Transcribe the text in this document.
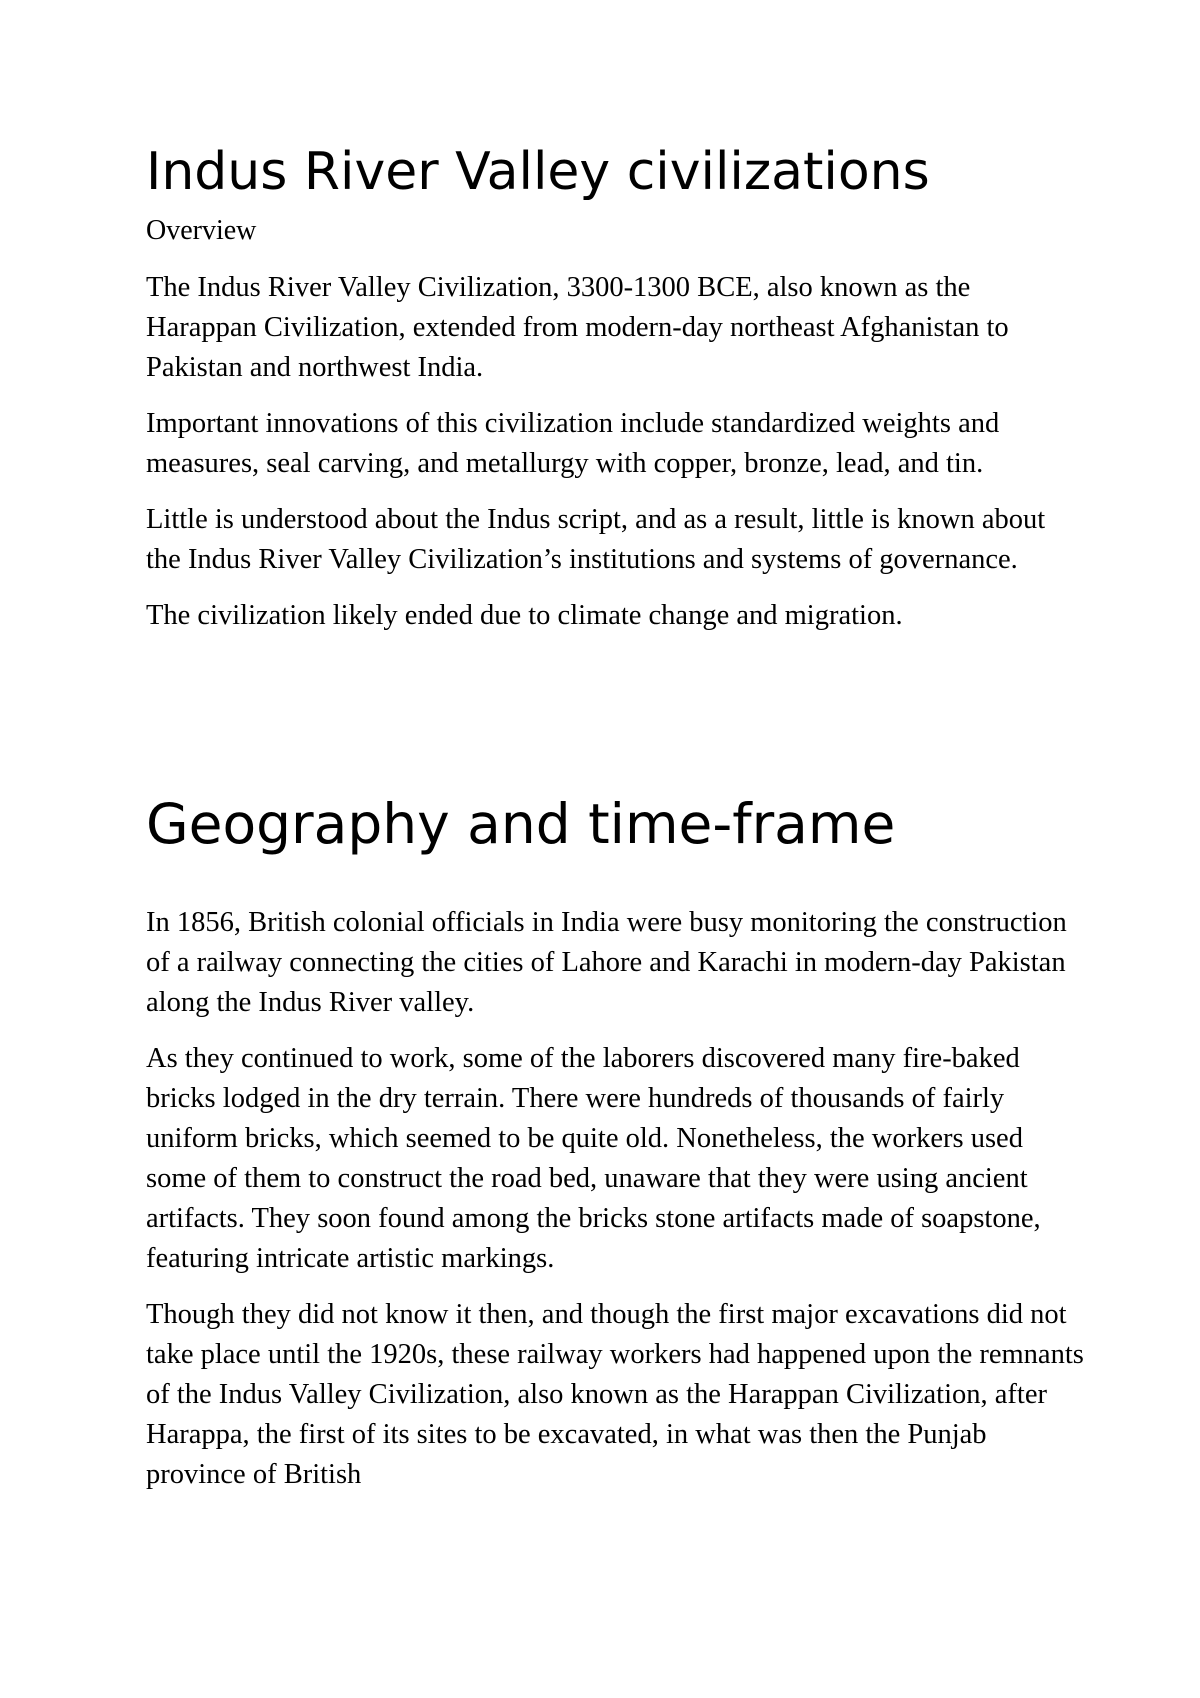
Indus River Valley civilizations
Overview

The Indus River Valley Civilization, 3300-1300 BCE, also known as the Harappan Civilization, extended from modern-day northeast Afghanistan to Pakistan and northwest India.

Important innovations of this civilization include standardized weights and measures, seal carving, and metallurgy with copper, bronze, lead, and tin.

Little is understood about the Indus script, and as a result, little is known about the Indus River Valley Civilization’s institutions and systems of governance.

The civilization likely ended due to climate change and migration.

Geography and time-frame

In 1856, British colonial officials in India were busy monitoring the construction of a railway connecting the cities of Lahore and Karachi in modern-day Pakistan along the Indus River valley.

As they continued to work, some of the laborers discovered many fire-baked bricks lodged in the dry terrain. There were hundreds of thousands of fairly uniform bricks, which seemed to be quite old. Nonetheless, the workers used some of them to construct the road bed, unaware that they were using ancient artifacts. They soon found among the bricks stone artifacts made of soapstone, featuring intricate artistic markings.

Though they did not know it then, and though the first major excavations did not take place until the 1920s, these railway workers had happened upon the remnants of the Indus Valley Civilization, also known as the Harappan Civilization, after Harappa, the first of its sites to be excavated, in what was then the Punjab province of British
